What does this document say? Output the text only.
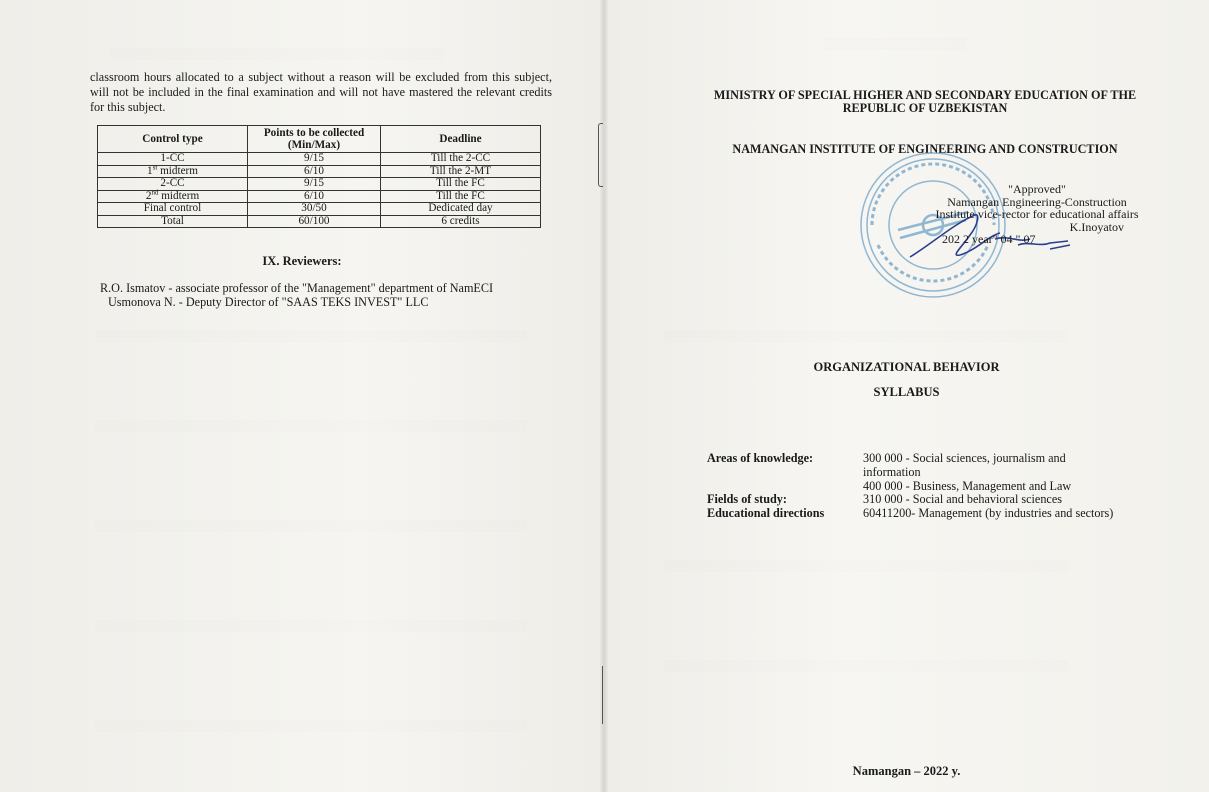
░░░░░░░░░░░░░░░░░░░░░░░░░░░░░░░░░░░░░░░░░░░░░░░
░░░░░░░░░░░░░░░░░░░░░░░░░░░░░░░░░░░░░░░░░░░░░░░░░░░░░░░░░░░░░
░░░░░░░░░░░░░░░░░░░░░░░░░░░░░░░░░░░░░░░░░░░░░░░░░░░░░░░░░░░░░
░░░░░░░░░░░░░░░░░░░░░░░░░░░░░░░░░░░░░░░░░░░░░░░░░░░░░░░░░░░░░
░░░░░░░░░░░░░░░░░░░░░░░░░░░░░░░░░░░░░░░░░░░░░░░░░░░░░░░░░░░░░
░░░░░░░░░░░░░░░░░░░░░░░░░░░░░░░░░░░░░░░░░░░░░░░░░░░░░░░░░░░░░

classroom hours allocated to a subject without a reason will be excluded from this subject, will not be included in the final examination and will not have mastered the relevant credits for this subject.

Control type	Points to be collected (Min/Max)	Deadline
1-CC	9/15	Till the 2-CC
1st midterm	6/10	Till the 2-MT
2-CC	9/15	Till the FC
2nd midterm	6/10	Till the FC
Final control	30/50	Dedicated day
Total	60/100	6 credits
IX. Reviewers:
R.O. Ismatov - associate professor of the "Management" department of NamECI
Usmonova N. - Deputy Director of "SAAS TEKS INVEST" LLC
░░░░░░░░░░░░░░░░░░░░
░░░░░░░░░░░░░░░░░░░░░░░░░░░░░░░░░░░░░░░░░░░░░░░░░░░░░░░░░
░░░░░░░░░░░░░░░░░░░░░░░░░░░░░░░░░░░░░░░░░░░░░░░░░░░░░░░░░
░░░░░░░░░░░░░░░░░░░░░░░░░░░░░░░░░░░░░░░░░░░░░░░░░░░░░░░░░
MINISTRY OF SPECIAL HIGHER AND SECONDARY EDUCATION OF THE REPUBLIC OF UZBEKISTAN
NAMANGAN INSTITUTE OF ENGINEERING AND CONSTRUCTION
"Approved"
Namangan Engineering-Construction
Institute vice-rector for educational affairs
K.Inoyatov
202 2 year" 04 " 07
ORGANIZATIONAL BEHAVIOR
SYLLABUS
Areas of knowledge:	300 000 - Social sciences, journalism and information
400 000 - Business, Management and Law
Fields of study:	310 000 - Social and behavioral sciences
Educational directions	60411200- Management (by industries and sectors)
Namangan – 2022 y.
